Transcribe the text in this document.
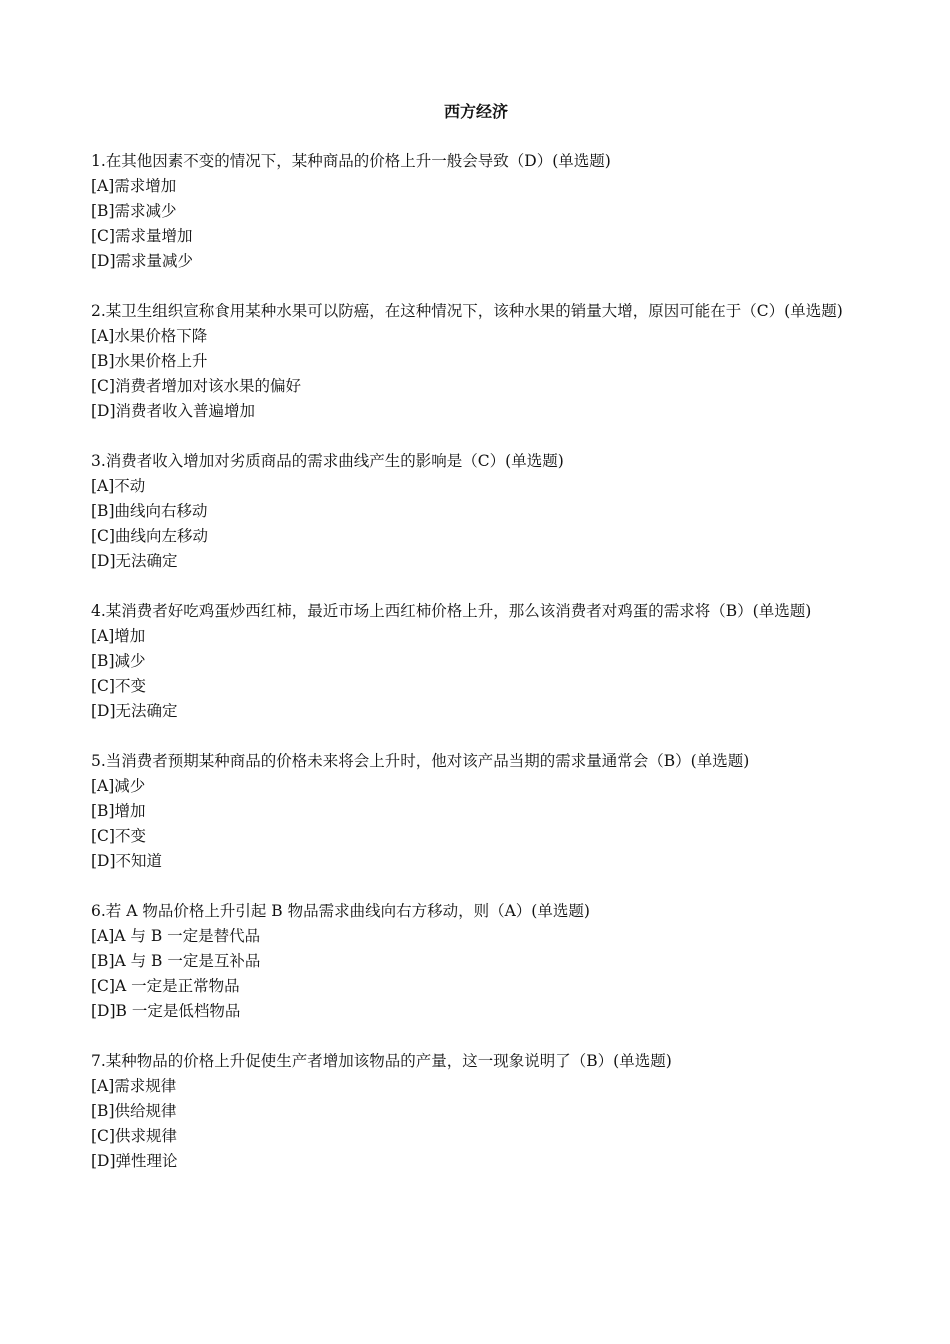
西方经济

1.在其他因素不变的情况下，某种商品的价格上升一般会导致（D）(单选题)

[A]需求增加

[B]需求减少

[C]需求量增加

[D]需求量减少

2.某卫生组织宣称食用某种水果可以防癌，在这种情况下，该种水果的销量大增，原因可能在于（C）(单选题)

[A]水果价格下降

[B]水果价格上升

[C]消费者增加对该水果的偏好

[D]消费者收入普遍增加

3.消费者收入增加对劣质商品的需求曲线产生的影响是（C）(单选题)

[A]不动

[B]曲线向右移动

[C]曲线向左移动

[D]无法确定

4.某消费者好吃鸡蛋炒西红柿，最近市场上西红柿价格上升，那么该消费者对鸡蛋的需求将（B）(单选题)

[A]增加

[B]减少

[C]不变

[D]无法确定

5.当消费者预期某种商品的价格未来将会上升时，他对该产品当期的需求量通常会（B）(单选题)

[A]减少

[B]增加

[C]不变

[D]不知道

6.若 A 物品价格上升引起 B 物品需求曲线向右方移动，则（A）(单选题)

[A]A 与 B 一定是替代品

[B]A 与 B 一定是互补品

[C]A 一定是正常物品

[D]B 一定是低档物品

7.某种物品的价格上升促使生产者增加该物品的产量，这一现象说明了（B）(单选题)

[A]需求规律

[B]供给规律

[C]供求规律

[D]弹性理论
